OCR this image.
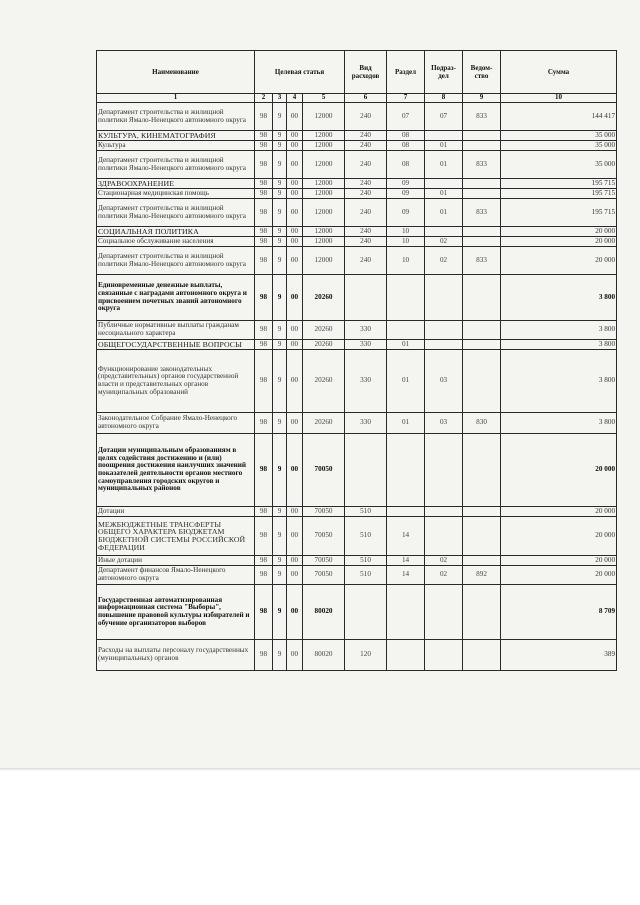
Наименование	Целевая статья				Вид расходов	Раздел	Подраз-дел	Ведом-ство	Сумма
1	2	3	4	5	6	7	8	9	10
Департамент строительства и жилищной политики Ямало-Ненецкого автономного округа	98	9	00	12000	240	07	07	833	144 417
КУЛЬТУРА, КИНЕМАТОГРАФИЯ	98	9	00	12000	240	08			35 000
Культура	98	9	00	12000	240	08	01		35 000
Департамент строительства и жилищной политики Ямало-Ненецкого автономного округа	98	9	00	12000	240	08	01	833	35 000
ЗДРАВООХРАНЕНИЕ	98	9	00	12000	240	09			195 715
Стационарная медицинская помощь	98	9	00	12000	240	09	01		195 715
Департамент строительства и жилищной политики Ямало-Ненецкого автономного округа	98	9	00	12000	240	09	01	833	195 715
СОЦИАЛЬНАЯ ПОЛИТИКА	98	9	00	12000	240	10			20 000
Социальное обслуживание населения	98	9	00	12000	240	10	02		20 000
Департамент строительства и жилищной политики Ямало-Ненецкого автономного округа	98	9	00	12000	240	10	02	833	20 000
Единовременные денежные выплаты, связанные с наградами автономного округа и присвоением почетных званий автономного округа	98	9	00	20260					3 800
Публичные нормативные выплаты гражданам несоциального характера	98	9	00	20260	330				3 800
ОБЩЕГОСУДАРСТВЕННЫЕ ВОПРОСЫ	98	9	00	20260	330	01			3 800
Функционирование законодательных (представительных) органов государственной власти и представительных органов муниципальных образований	98	9	00	20260	330	01	03		3 800
Законодательное Собрание Ямало-Ненецкого автономного округа	98	9	00	20260	330	01	03	830	3 800
Дотации муниципальным образованиям в целях содействия достижению и (или) поощрения достижения наилучших значений показателей деятельности органов местного самоуправления городских округов и муниципальных районов	98	9	00	70050					20 000
Дотации	98	9	00	70050	510				20 000
МЕЖБЮДЖЕТНЫЕ ТРАНСФЕРТЫ ОБЩЕГО ХАРАКТЕРА БЮДЖЕТАМ БЮДЖЕТНОЙ СИСТЕМЫ РОССИЙСКОЙ ФЕДЕРАЦИИ	98	9	00	70050	510	14			20 000
Иные дотации	98	9	00	70050	510	14	02		20 000
Департамент финансов Ямало-Ненецкого автономного округа	98	9	00	70050	510	14	02	892	20 000
Государственная автоматизированная информационная система "Выборы", повышение правовой культуры избирателей и обучение организаторов выборов	98	9	00	80020					8 709
Расходы на выплаты персоналу государственных (муниципальных) органов	98	9	00	80020	120				389
